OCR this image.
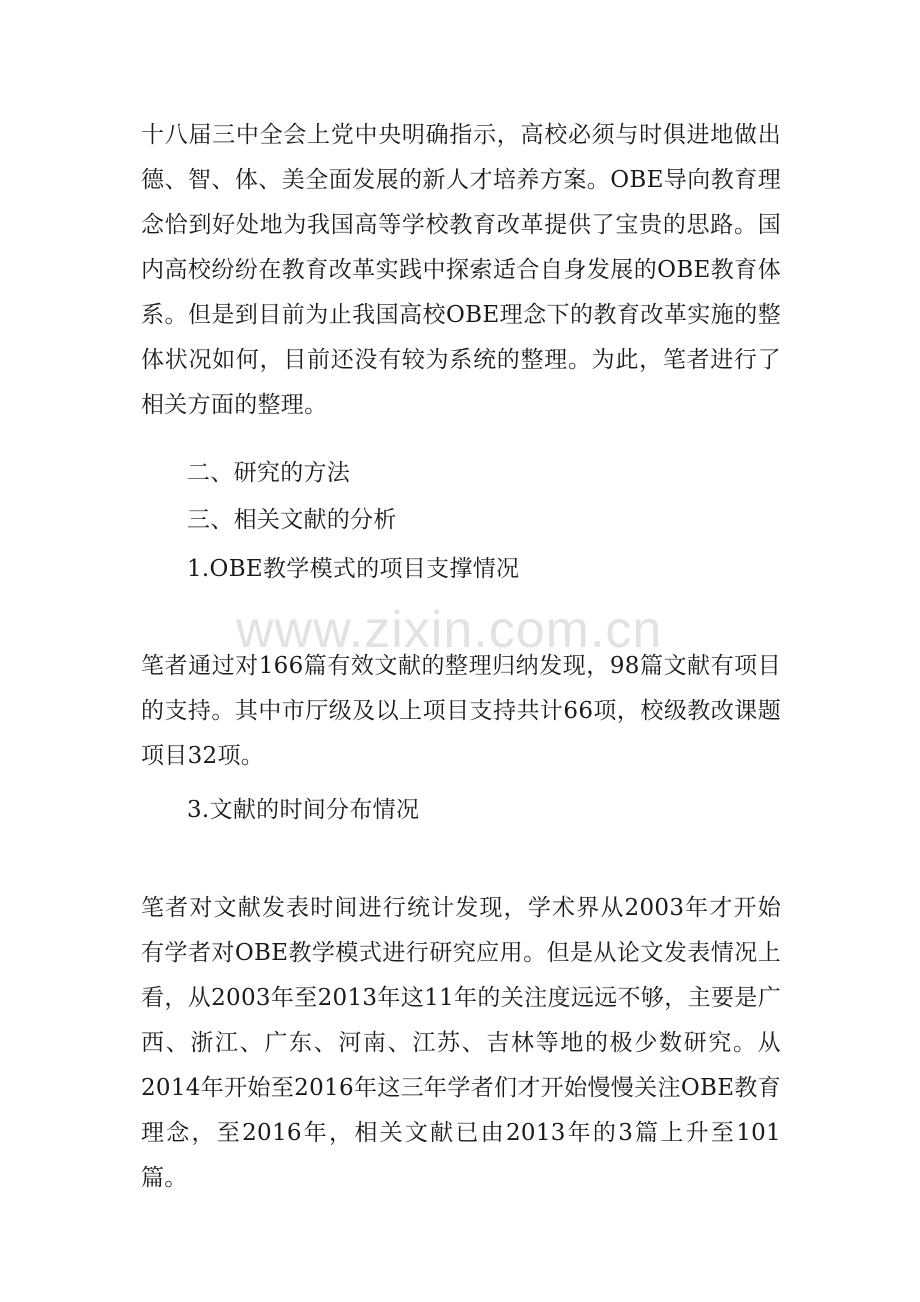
十八届三中全会上党中央明确指示，高校必须与时俱进地做出德、智、体、美全面发展的新人才培养方案。OBE导向教育理念恰到好处地为我国高等学校教育改革提供了宝贵的思路。国内高校纷纷在教育改革实践中探索适合自身发展的OBE教育体系。但是到目前为止我国高校OBE理念下的教育改革实施的整体状况如何，目前还没有较为系统的整理。为此，笔者进行了相关方面的整理。

二、研究的方法

三、相关文献的分析

1.OBE教学模式的项目支撑情况

笔者通过对166篇有效文献的整理归纳发现，98篇文献有项目的支持。其中市厅级及以上项目支持共计66项，校级教改课题项目32项。

3.文献的时间分布情况

笔者对文献发表时间进行统计发现，学术界从2003年才开始有学者对OBE教学模式进行研究应用。但是从论文发表情况上看，从2003年至2013年这11年的关注度远远不够，主要是广西、浙江、广东、河南、江苏、吉林等地的极少数研究。从2014年开始至2016年这三年学者们才开始慢慢关注OBE教育理念，至2016年，相关文献已由2013年的3篇上升至101篇。

www.zixin.com.cn
